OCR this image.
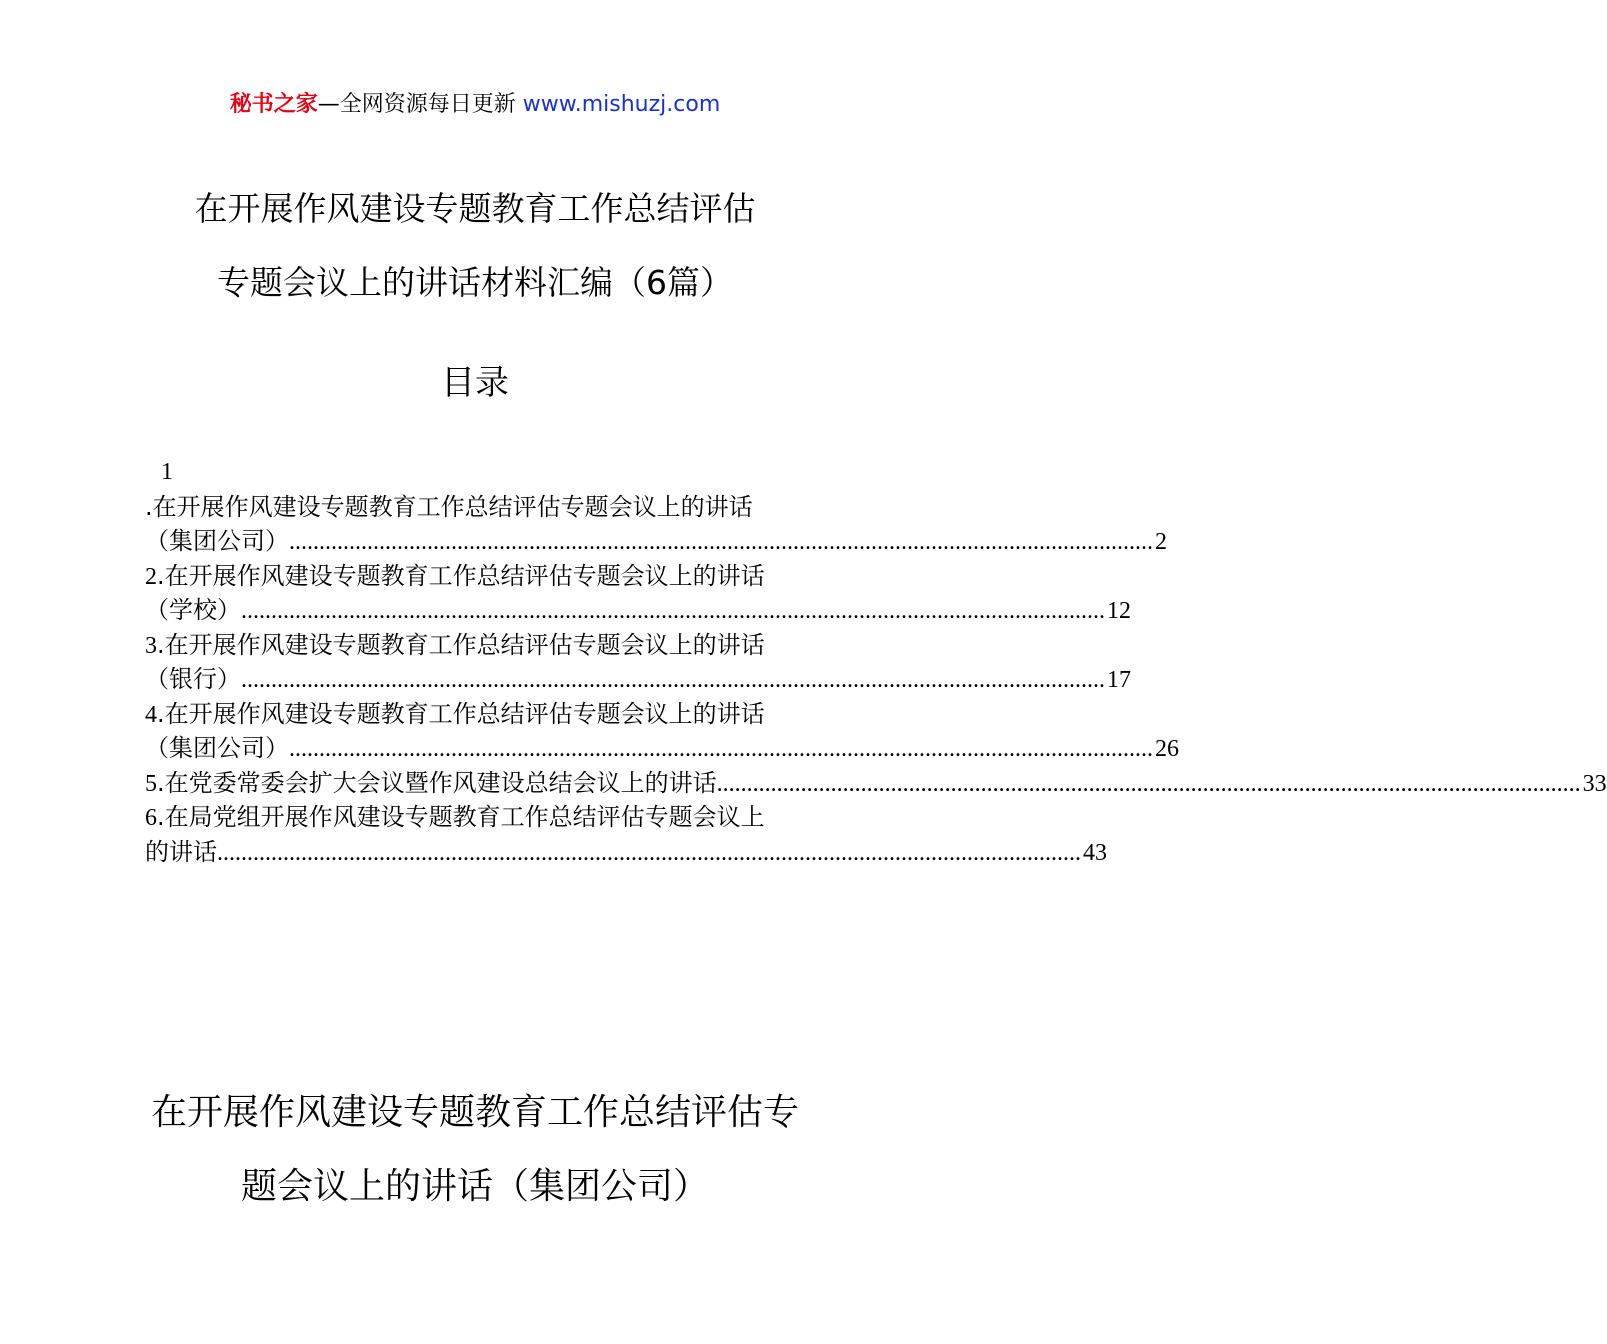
秘书之家—全网资源每日更新 www.mishuzj.com
在开展作风建设专题教育工作总结评估
专题会议上的讲话材料汇编（6篇）
目录
1
.在开展作风建设专题教育工作总结评估专题会议上的讲话
（集团公司） ................................................................................................................................................ 2
2 .在开展作风建设专题教育工作总结评估专题会议上的讲话
（学校） ................................................................................................................................................ 12
3 .在开展作风建设专题教育工作总结评估专题会议上的讲话
（银行） ................................................................................................................................................ 17
4 .在开展作风建设专题教育工作总结评估专题会议上的讲话
（集团公司） ................................................................................................................................................ 26
5 .在党委常委会扩大会议暨作风建设总结会议上的讲话 ................................................................................................................................................ 33
6 .在局党组开展作风建设专题教育工作总结评估专题会议上
的讲话 ................................................................................................................................................ 43
在开展作风建设专题教育工作总结评估专
题会议上的讲话（集团公司）
